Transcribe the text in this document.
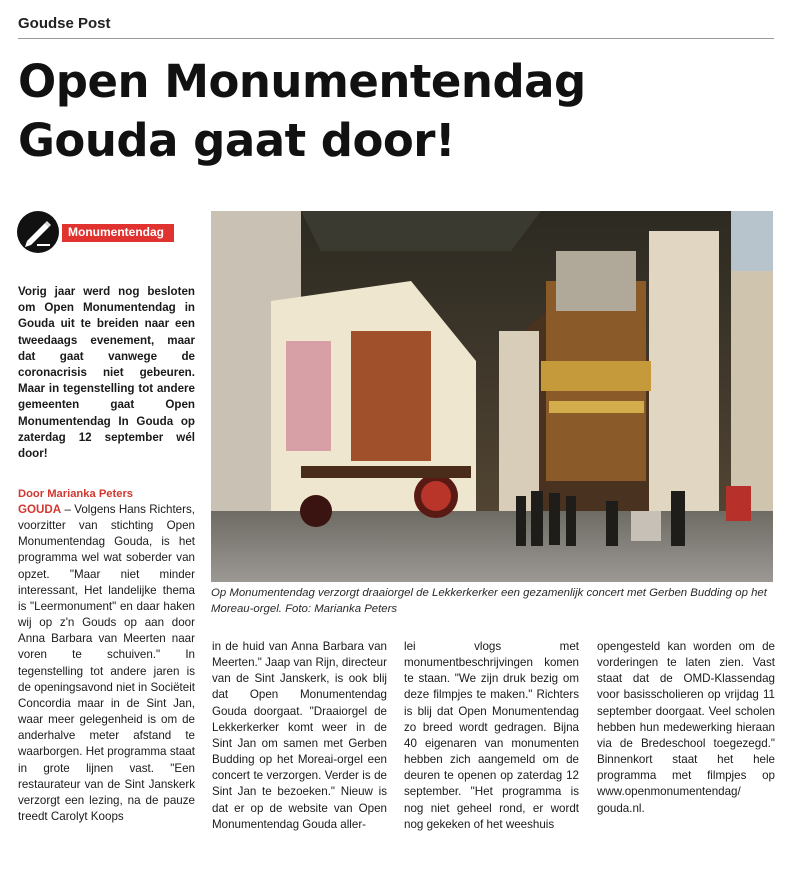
Goudse Post
Open Monumentendag Gouda gaat door!
Monumentendag

Vorig jaar werd nog besloten om Open Monumentendag in Gouda uit te breiden naar een tweedaags evenement, maar dat gaat vanwege de coronacrisis niet gebeuren. Maar in tegenstelling tot andere gemeenten gaat Open Monumentendag In Gouda op zaterdag 12 september wél door!

Door Marianka Peters

GOUDA – Volgens Hans Richters, voorzitter van stichting Open Monumentendag Gouda, is het programma wel wat soberder van opzet. "Maar niet minder interessant, Het landelijke thema is "Leermonument" en daar haken wij op z'n Gouds op aan door Anna Barbara van Meerten naar voren te schuiven." In tegenstelling tot andere jaren is de openingsavond niet in Sociëteit Concordia maar in de Sint Jan, waar meer gelegenheid is om de anderhalve meter afstand te waarborgen. Het programma staat in grote lijnen vast. "Een restaurateur van de Sint Janskerk verzorgt een lezing, na de pauze treedt Carolyt Koops

Op Monumentendag verzorgt draaiorgel de Lekkerkerker een gezamenlijk concert met Gerben Budding op het Moreau-orgel. Foto: Marianka Peters

in de huid van Anna Barbara van Meerten." Jaap van Rijn, directeur van de Sint Janskerk, is ook blij dat Open Monumentendag Gouda doorgaat. "Draaiorgel de Lekkerkerker komt weer in de Sint Jan om samen met Gerben Budding op het Moreai-orgel een concert te verzorgen. Verder is de Sint Jan te bezoeken." Nieuw is dat er op de website van Open Monumentendag Gouda aller-

lei vlogs met monumentbeschrijvingen komen te staan. "We zijn druk bezig om deze filmpjes te maken." Richters is blij dat Open Monumentendag zo breed wordt gedragen. Bijna 40 eigenaren van monumenten hebben zich aangemeld om de deuren te openen op zaterdag 12 september. "Het programma is nog niet geheel rond, er wordt nog gekeken of het weeshuis

opengesteld kan worden om de vorderingen te laten zien. Vast staat dat de OMD-Klassendag voor basisscholieren op vrijdag 11 september doorgaat. Veel scholen hebben hun medewerking hieraan via de Bredeschool toegezegd." Binnenkort staat het hele programma met filmpjes op www.openmonumentendag/ gouda.nl.
